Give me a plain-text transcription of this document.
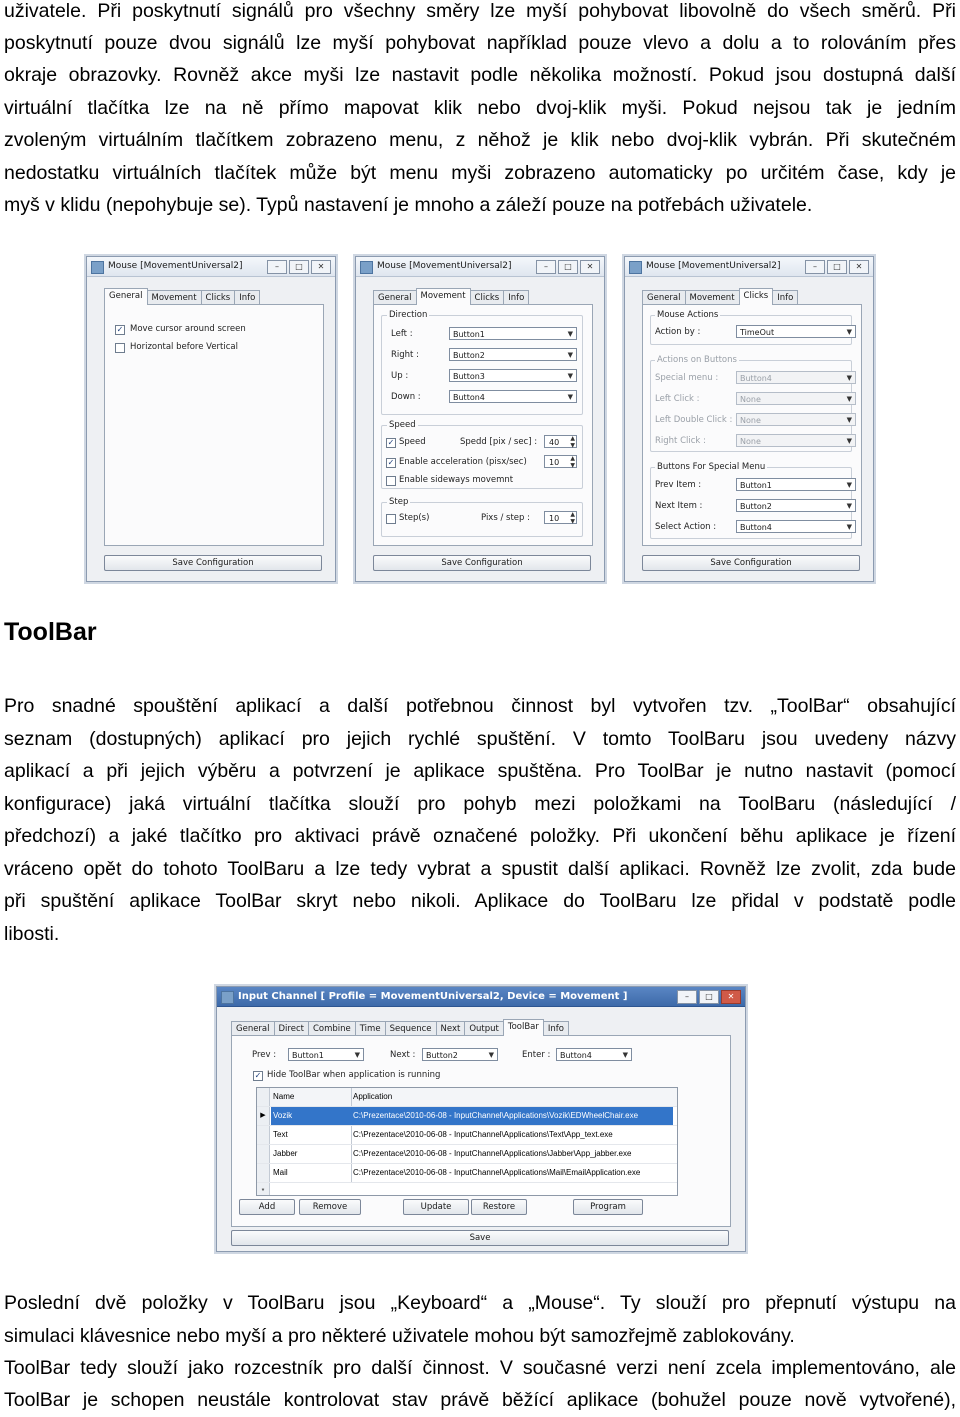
uživatele. Při poskytnutí signálů pro všechny směry lze myší pohybovat libovolně do všech směrů. Při

poskytnutí pouze dvou signálů lze myší pohybovat například pouze vlevo a dolu a to rolováním přes

okraje obrazovky. Rovněž akce myši lze nastavit podle několika možností. Pokud jsou dostupná další

virtuální tlačítka lze na ně přímo mapovat klik nebo dvoj-klik myši. Pokud nejsou tak je jedním

zvoleným virtuálním tlačítkem zobrazeno menu, z něhož je klik nebo dvoj-klik vybrán. Při skutečném

nedostatku virtuálních tlačítek může být menu myši zobrazeno automaticky po určitém čase, kdy je

myš v klidu (nepohybuje se). Typů nastavení je mnoho a záleží pouze na potřebách uživatele.

Mouse [MovementUniversal2]	–	□	✕
General	Movement	Clicks	Info
✓ Move cursor around screen
Horizontal before Vertical
Save Configuration
Mouse [MovementUniversal2]	–	□	✕
General	Movement	Clicks	Info
Direction
Left :	Button1	▼
Right :	Button2	▼
Up :	Button3	▼
Down :	Button4	▼
Speed
✓ Speed	Spedd [pix / sec] :	40 ▲
▼
✓ Enable acceleration (pisx/sec)	10 ▲
▼
Enable sideways movemnt
Step
Step(s)	Pixs / step :	10 ▲
▼
Save Configuration
Mouse [MovementUniversal2]	–	□	✕
General	Movement	Clicks	Info
Mouse Actions
Action by :	TimeOut	▼
Actions on Buttons
Special menu :	Button4	▼
Left Click :	None	▼
Left Double Click : None	▼
Right Click :	None	▼
Buttons For Special Menu
Prev Item :	Button1	▼
Next Item :	Button2	▼
Select Action :	Button4	▼
Save Configuration
ToolBar

Pro snadné spouštění aplikací a další potřebnou činnost byl vytvořen tzv. „ToolBar“ obsahující

seznam (dostupných) aplikací pro jejich rychlé spuštění. V tomto ToolBaru jsou uvedeny názvy

aplikací a při jejich výběru a potvrzení je aplikace spuštěna. Pro ToolBar je nutno nastavit (pomocí

konfigurace) jaká virtuální tlačítka slouží pro pohyb mezi položkami na ToolBaru (následující /

předchozí) a jaké tlačítko pro aktivaci právě označené položky. Při ukončení běhu aplikace je řízení

vráceno opět do tohoto ToolBaru a lze tedy vybrat a spustit další aplikaci. Rovněž lze zvolit, zda bude

při spuštění aplikace ToolBar skryt nebo nikoli. Aplikace do ToolBaru lze přidal v podstatě podle

libosti.

Input Channel [ Profile = MovementUniversal2, Device = Movement ]	–	□	✕
General	Direct	Combine	Time	Sequence	Next	Output	ToolBar	Info
Prev :	Button1	▼	Next :	Button2	▼	Enter :	Button4	▼
✓ Hide ToolBar when application is running
Add	Remove	Update	Restore	Program
Save
Name	Application
▶ Vozik	C:\Prezentace\2010-06-08 - InputChannel\Applications\Vozik\EDWheelChair.exe
Text	C:\Prezentace\2010-06-08 - InputChannel\Applications\Text\App_text.exe
Jabber	C:\Prezentace\2010-06-08 - InputChannel\Applications\Jabber\App_jabber.exe
Mail	C:\Prezentace\2010-06-08 - InputChannel\Applications\Mail\EmailApplication.exe
*

Poslední dvě položky v ToolBaru jsou „Keyboard“ a „Mouse“. Ty slouží pro přepnutí výstupu na

simulaci klávesnice nebo myší a pro některé uživatele mohou být samozřejmě zablokovány.

ToolBar tedy slouží jako rozcestník pro další činnost. V současné verzi není zcela implementováno, ale

ToolBar je schopen neustále kontrolovat stav právě běžící aplikace (bohužel pouze nově vytvořené),
